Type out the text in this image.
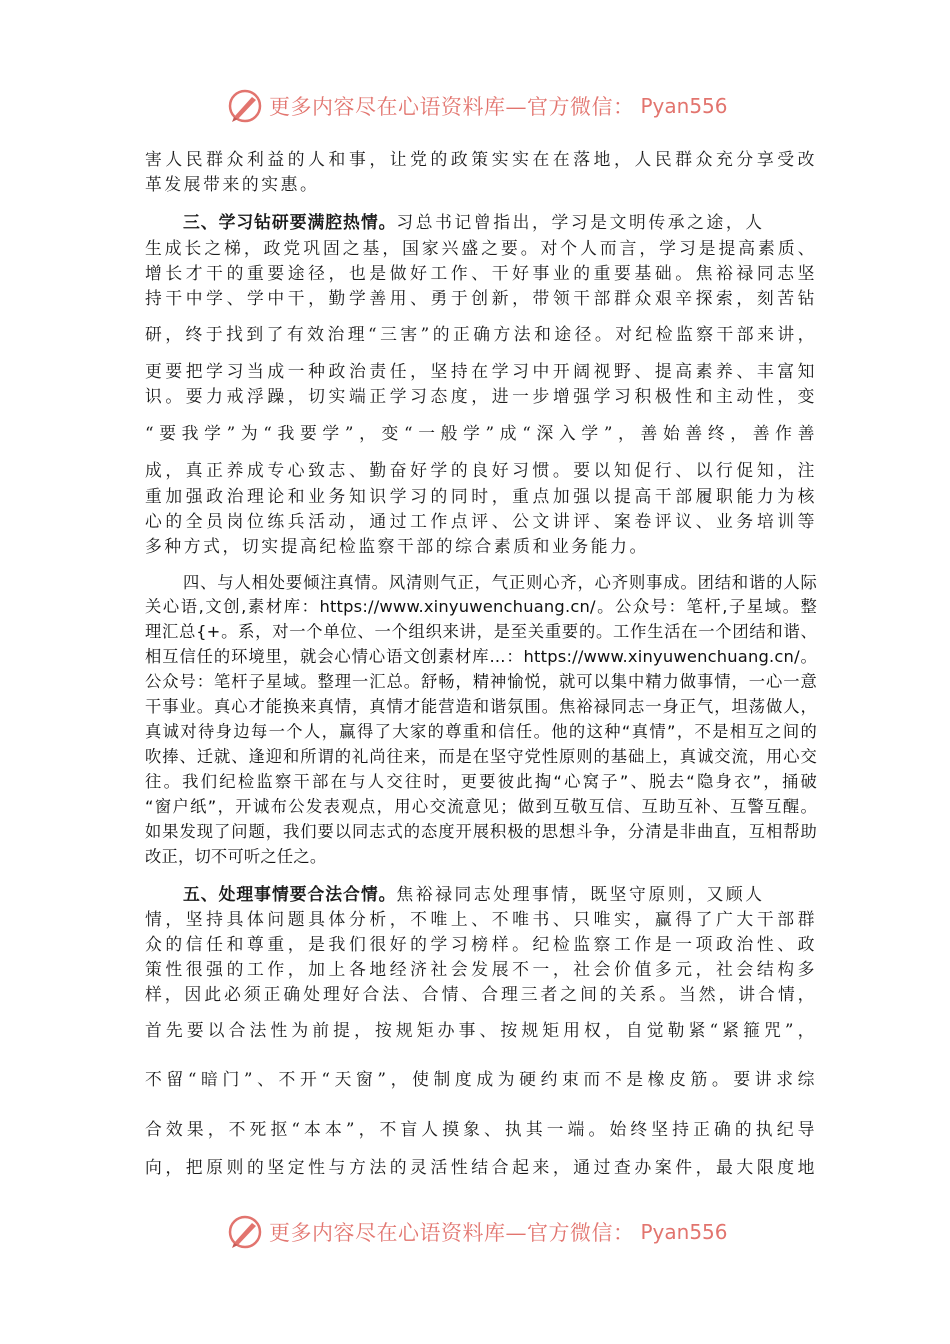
更多内容尽在心语资料库—官方微信： Pyan556
害人民群众利益的人和事，让党的政策实实在在落地，人民群众充分享受改
革发展带来的实惠。
三、学习钻研要满腔热情。习总书记曾指出，学习是文明传承之途，人
生成长之梯，政党巩固之基，国家兴盛之要。对个人而言，学习是提高素质、
增长才干的重要途径，也是做好工作、干好事业的重要基础。焦裕禄同志坚
持干中学、学中干，勤学善用、勇于创新，带领干部群众艰辛探索，刻苦钻
研，终于找到了有效治理“三害”的正确方法和途径。对纪检监察干部来讲，
更要把学习当成一种政治责任，坚持在学习中开阔视野、提高素养、丰富知
识。要力戒浮躁，切实端正学习态度，进一步增强学习积极性和主动性，变
“要我学”为“我要学”，变“一般学”成“深入学”，善始善终，善作善
成，真正养成专心致志、勤奋好学的良好习惯。要以知促行、以行促知，注
重加强政治理论和业务知识学习的同时，重点加强以提高干部履职能力为核
心的全员岗位练兵活动，通过工作点评、公文讲评、案卷评议、业务培训等
多种方式，切实提高纪检监察干部的综合素质和业务能力。
四、与人相处要倾注真情。风清则气正，气正则心齐，心齐则事成。团结和谐的人际
关心语,文创,素材库：https://www.xinyuwenchuang.cn/。公众号：笔杆,子星域。整
理汇总{+。系，对一个单位、一个组织来讲，是至关重要的。工作生活在一个团结和谐、
相互信任的环境里，就会心情心语文创素材库...：https://www.xinyuwenchuang.cn/。
公众号：笔杆子星域。整理一汇总。舒畅，精神愉悦，就可以集中精力做事情，一心一意
干事业。真心才能换来真情，真情才能营造和谐氛围。焦裕禄同志一身正气，坦荡做人，
真诚对待身边每一个人，赢得了大家的尊重和信任。他的这种“真情”，不是相互之间的
吹捧、迁就、逢迎和所谓的礼尚往来，而是在坚守党性原则的基础上，真诚交流，用心交
往。我们纪检监察干部在与人交往时，更要彼此掏“心窝子”、脱去“隐身衣”，捅破
“窗户纸”，开诚布公发表观点，用心交流意见；做到互敬互信、互助互补、互警互醒。
如果发现了问题，我们要以同志式的态度开展积极的思想斗争，分清是非曲直，互相帮助
改正，切不可听之任之。
五、处理事情要合法合情。焦裕禄同志处理事情，既坚守原则，又顾人
情，坚持具体问题具体分析，不唯上、不唯书、只唯实，赢得了广大干部群
众的信任和尊重，是我们很好的学习榜样。纪检监察工作是一项政治性、政
策性很强的工作，加上各地经济社会发展不一，社会价值多元，社会结构多
样，因此必须正确处理好合法、合情、合理三者之间的关系。当然，讲合情，
首先要以合法性为前提，按规矩办事、按规矩用权，自觉勒紧“紧箍咒”，
不留“暗门”、不开“天窗”，使制度成为硬约束而不是橡皮筋。要讲求综
合效果，不死抠“本本”，不盲人摸象、执其一端。始终坚持正确的执纪导
向，把原则的坚定性与方法的灵活性结合起来，通过查办案件，最大限度地
更多内容尽在心语资料库—官方微信： Pyan556
